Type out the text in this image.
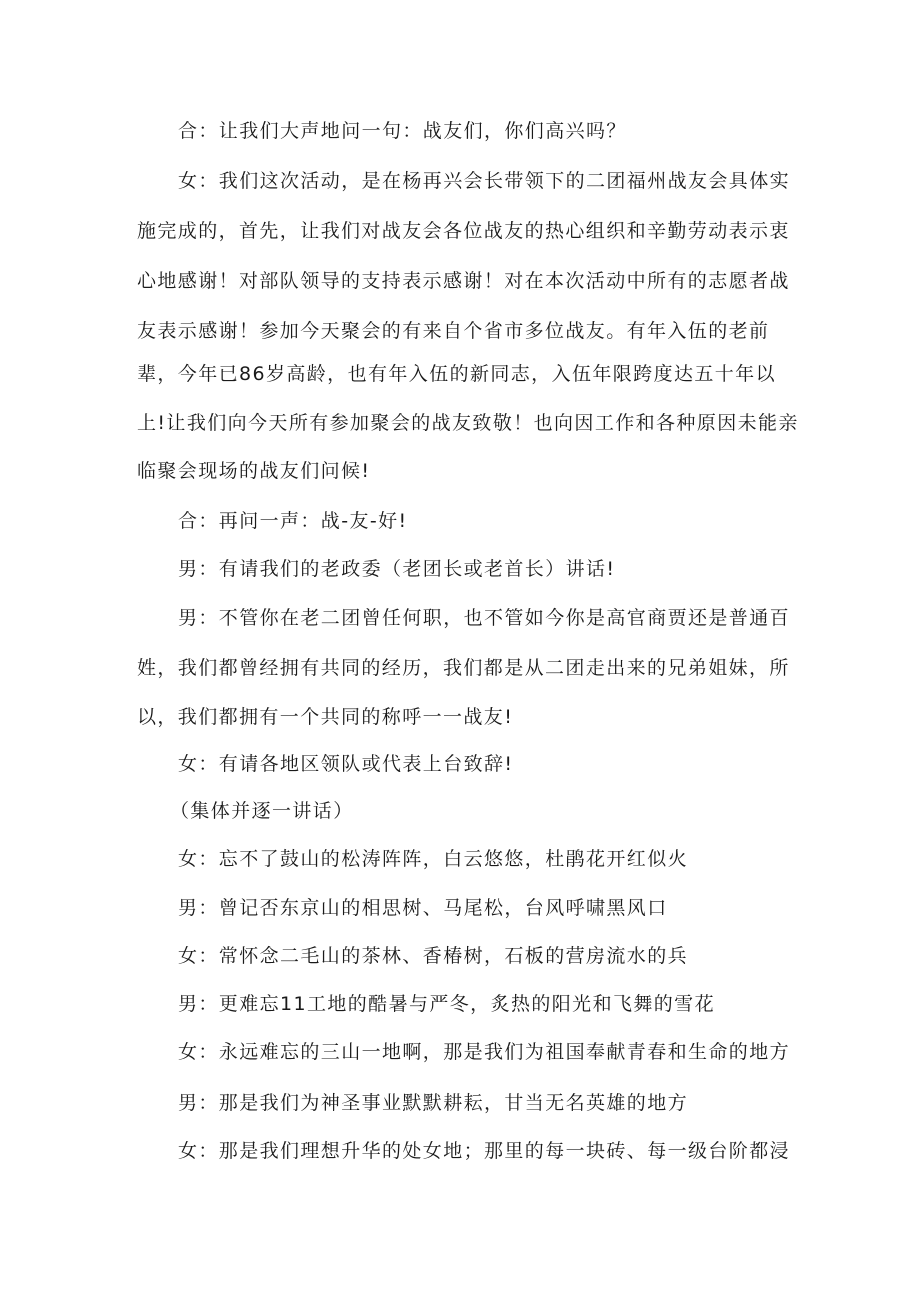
合：让我们大声地问一句：战友们，你们高兴吗？
女：我们这次活动，是在杨再兴会长带领下的二团福州战友会具体实
施完成的，首先，让我们对战友会各位战友的热心组织和辛勤劳动表示衷
心地感谢！对部队领导的支持表示感谢！对在本次活动中所有的志愿者战
友表示感谢！参加今天聚会的有来自个省市多位战友。有年入伍的老前
辈，今年已86岁高龄，也有年入伍的新同志，入伍年限跨度达五十年以
上!让我们向今天所有参加聚会的战友致敬！也向因工作和各种原因未能亲
临聚会现场的战友们问候!
合：再问一声：战-友-好!
男：有请我们的老政委（老团长或老首长）讲话!
男：不管你在老二团曾任何职，也不管如今你是高官商贾还是普通百
姓，我们都曾经拥有共同的经历，我们都是从二团走出来的兄弟姐妹，所
以，我们都拥有一个共同的称呼一一战友!
女：有请各地区领队或代表上台致辞!
（集体并逐一讲话）
女：忘不了鼓山的松涛阵阵，白云悠悠，杜鹃花开红似火
男：曾记否东京山的相思树、马尾松，台风呼啸黑风口
女：常怀念二毛山的茶林、香椿树，石板的营房流水的兵
男：更难忘11工地的酷暑与严冬，炙热的阳光和飞舞的雪花
女：永远难忘的三山一地啊，那是我们为祖国奉献青春和生命的地方
男：那是我们为神圣事业默默耕耘，甘当无名英雄的地方
女：那是我们理想升华的处女地；那里的每一块砖、每一级台阶都浸
